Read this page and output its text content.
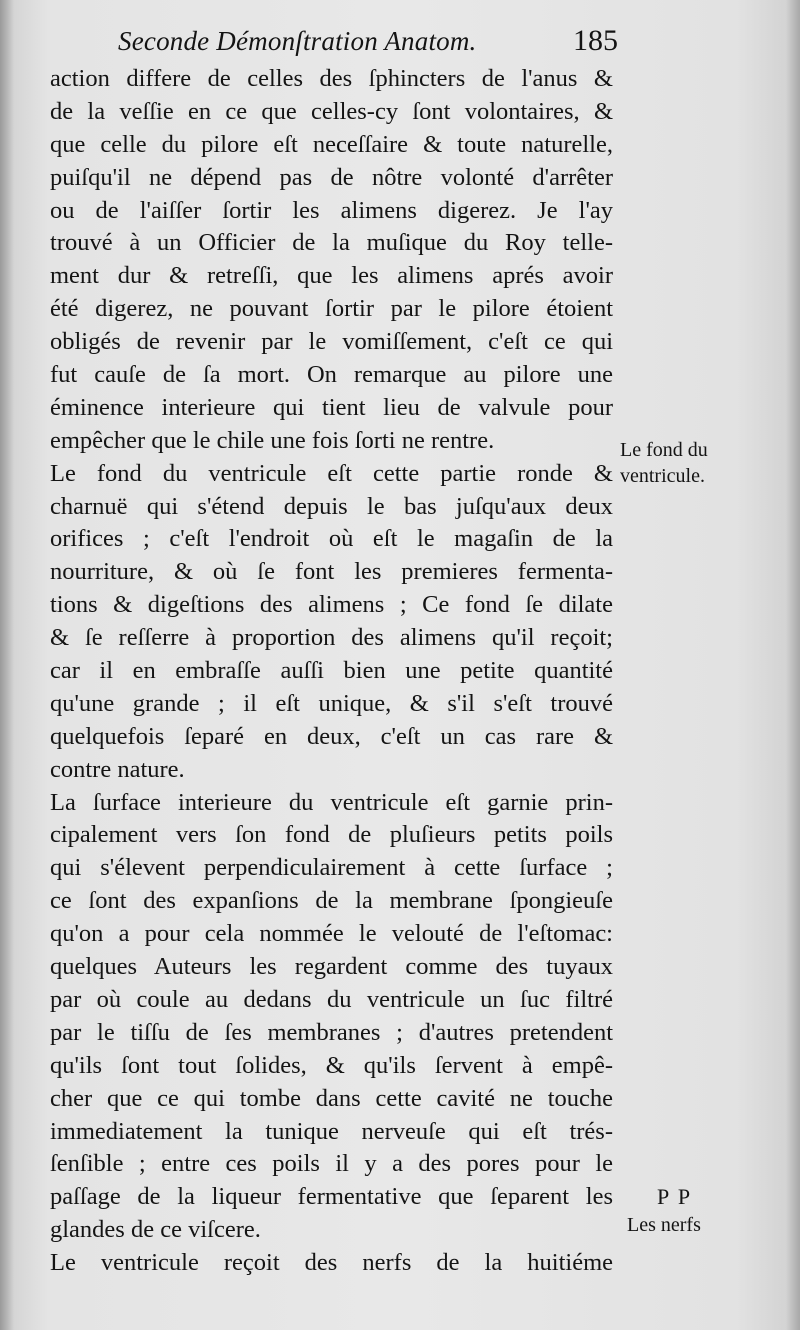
Seconde Démonſtration Anatom.	185
action differe de celles des ſphincters de l'anus &
de la veſſie en ce que celles-cy ſont volontaires, &
que celle du pilore eſt neceſſaire & toute naturelle,
puiſqu'il ne dépend pas de nôtre volonté d'arrêter
ou de l'aiſſer ſortir les alimens digerez. Je l'ay
trouvé à un Officier de la muſique du Roy telle-
ment dur & retreſſi, que les alimens aprés avoir
été digerez, ne pouvant ſortir par le pilore étoient
obligés de revenir par le vomiſſement, c'eſt ce qui
fut cauſe de ſa mort. On remarque au pilore une
éminence interieure qui tient lieu de valvule pour
empêcher que le chile une fois ſorti ne rentre.
Le fond du ventricule eſt cette partie ronde &
charnuë qui s'étend depuis le bas juſqu'aux deux
orifices ; c'eſt l'endroit où eſt le magaſin de la
nourriture, & où ſe font les premieres fermenta-
tions & digeſtions des alimens ; Ce fond ſe dilate
& ſe reſſerre à proportion des alimens qu'il reçoit;
car il en embraſſe auſſi bien une petite quantité
qu'une grande ; il eſt unique, & s'il s'eſt trouvé
quelquefois ſeparé en deux, c'eſt un cas rare &
contre nature.
La ſurface interieure du ventricule eſt garnie prin-
cipalement vers ſon fond de pluſieurs petits poils
qui s'élevent perpendiculairement à cette ſurface ;
ce ſont des expanſions de la membrane ſpongieuſe
qu'on a pour cela nommée le velouté de l'eſtomac:
quelques Auteurs les regardent comme des tuyaux
par où coule au dedans du ventricule un ſuc filtré
par le tiſſu de ſes membranes ; d'autres pretendent
qu'ils ſont tout ſolides, & qu'ils ſervent à empê-
cher que ce qui tombe dans cette cavité ne touche
immediatement la tunique nerveuſe qui eſt trés-
ſenſible ; entre ces poils il y a des pores pour le
paſſage de la liqueur fermentative que ſeparent les
glandes de ce viſcere.
Le ventricule reçoit des nerfs de la huitiéme
Le fond du
ventricule.
P P
Les nerfs
